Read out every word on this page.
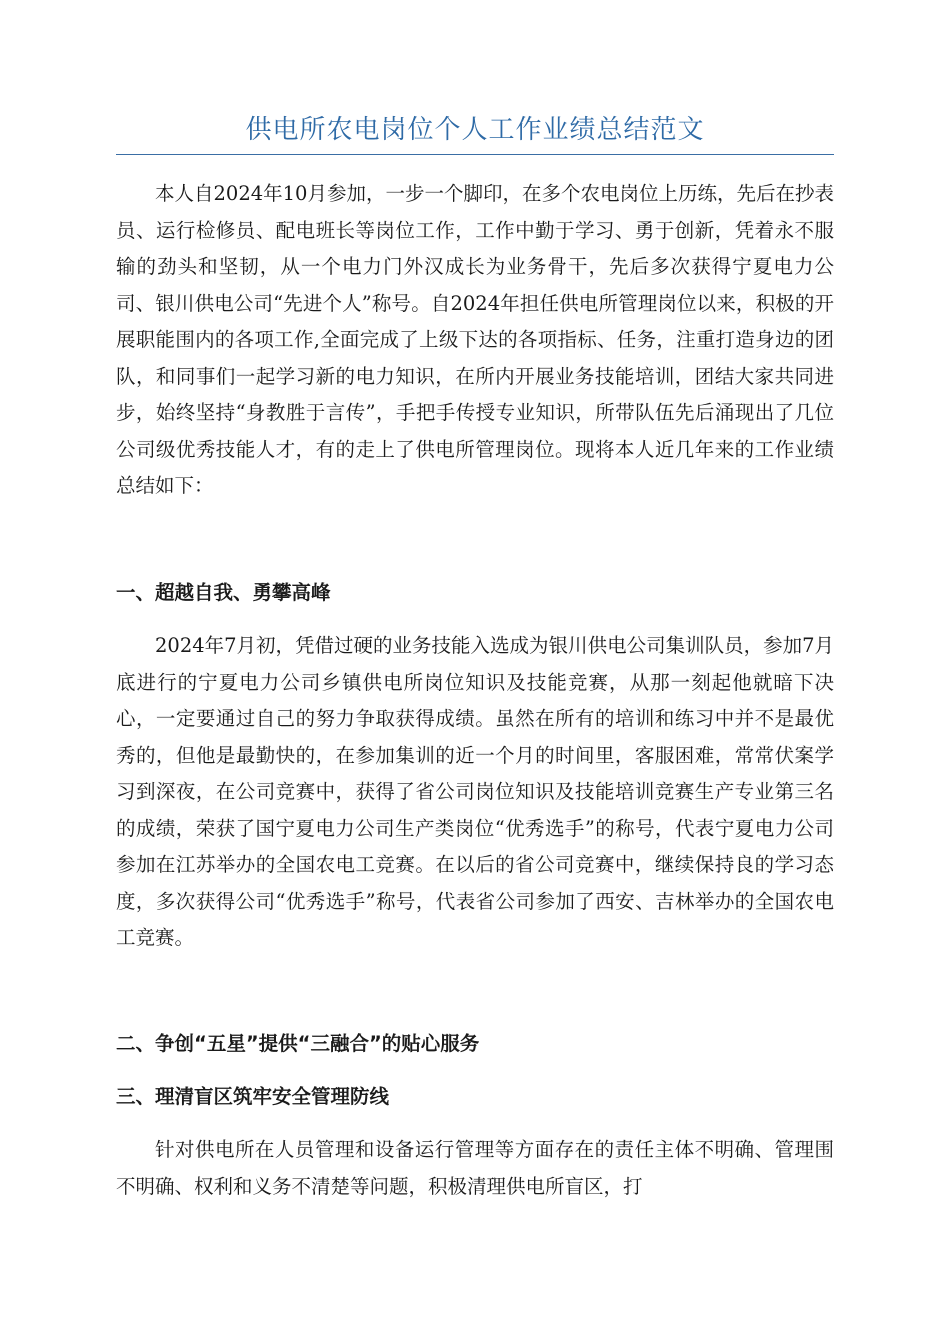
供电所农电岗位个人工作业绩总结范文

本人自2024年10月参加，一步一个脚印，在多个农电岗位上历练，先后在抄表员、运行检修员、配电班长等岗位工作，工作中勤于学习、勇于创新，凭着永不服输的劲头和坚韧，从一个电力门外汉成长为业务骨干，先后多次获得宁夏电力公司、银川供电公司“先进个人”称号。自2024年担任供电所管理岗位以来，积极的开展职能围内的各项工作,全面完成了上级下达的各项指标、任务，注重打造身边的团队，和同事们一起学习新的电力知识，在所内开展业务技能培训，团结大家共同进步，始终坚持“身教胜于言传”，手把手传授专业知识，所带队伍先后涌现出了几位公司级优秀技能人才，有的走上了供电所管理岗位。现将本人近几年来的工作业绩总结如下：

一、超越自我、勇攀高峰

2024年7月初，凭借过硬的业务技能入选成为银川供电公司集训队员，参加7月底进行的宁夏电力公司乡镇供电所岗位知识及技能竞赛，从那一刻起他就暗下决心，一定要通过自己的努力争取获得成绩。虽然在所有的培训和练习中并不是最优秀的，但他是最勤快的，在参加集训的近一个月的时间里，客服困难，常常伏案学习到深夜，在公司竞赛中，获得了省公司岗位知识及技能培训竞赛生产专业第三名的成绩，荣获了国宁夏电力公司生产类岗位“优秀选手”的称号，代表宁夏电力公司参加在江苏举办的全国农电工竞赛。在以后的省公司竞赛中，继续保持良的学习态度，多次获得公司“优秀选手”称号，代表省公司参加了西安、吉林举办的全国农电工竞赛。

二、争创“五星”提供“三融合”的贴心服务
三、理清盲区筑牢安全管理防线

针对供电所在人员管理和设备运行管理等方面存在的责任主体不明确、管理围不明确、权利和义务不清楚等问题，积极清理供电所盲区，打
